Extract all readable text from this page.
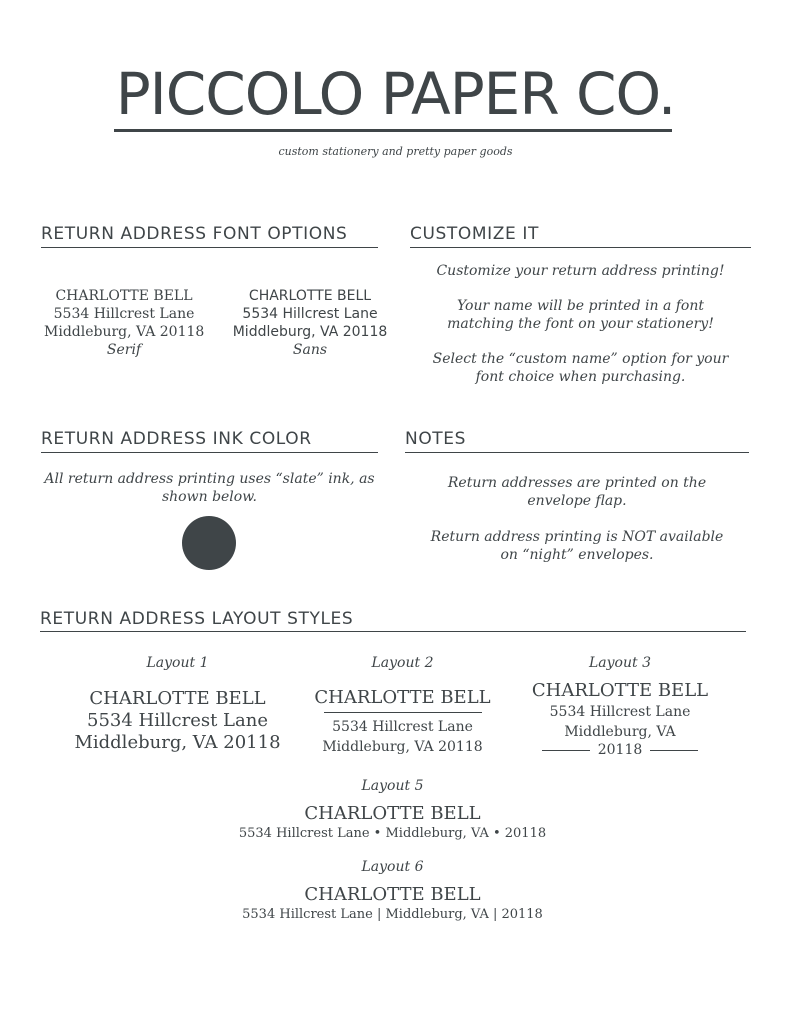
PICCOLO PAPER CO.
custom stationery and pretty paper goods
RETURN ADDRESS FONT OPTIONS
CHARLOTTE BELL
5534 Hillcrest Lane
Middleburg, VA 20118
Serif
CHARLOTTE BELL
5534 Hillcrest Lane
Middleburg, VA 20118
Sans
CUSTOMIZE IT
Customize your return address printing!
Your name will be printed in a font
matching the font on your stationery!
Select the “custom name” option for your
font choice when purchasing.
RETURN ADDRESS INK COLOR
All return address printing uses “slate” ink, as
shown below.
NOTES
Return addresses are printed on the
envelope flap.
Return address printing is NOT available
on “night” envelopes.
RETURN ADDRESS LAYOUT STYLES
Layout 1
CHARLOTTE BELL
5534 Hillcrest Lane
Middleburg, VA 20118
Layout 2
CHARLOTTE BELL
5534 Hillcrest Lane
Middleburg, VA 20118
Layout 3
CHARLOTTE BELL
5534 Hillcrest Lane
Middleburg, VA
20118
Layout 5
CHARLOTTE BELL
5534 Hillcrest Lane • Middleburg, VA • 20118
Layout 6
CHARLOTTE BELL
5534 Hillcrest Lane | Middleburg, VA | 20118
